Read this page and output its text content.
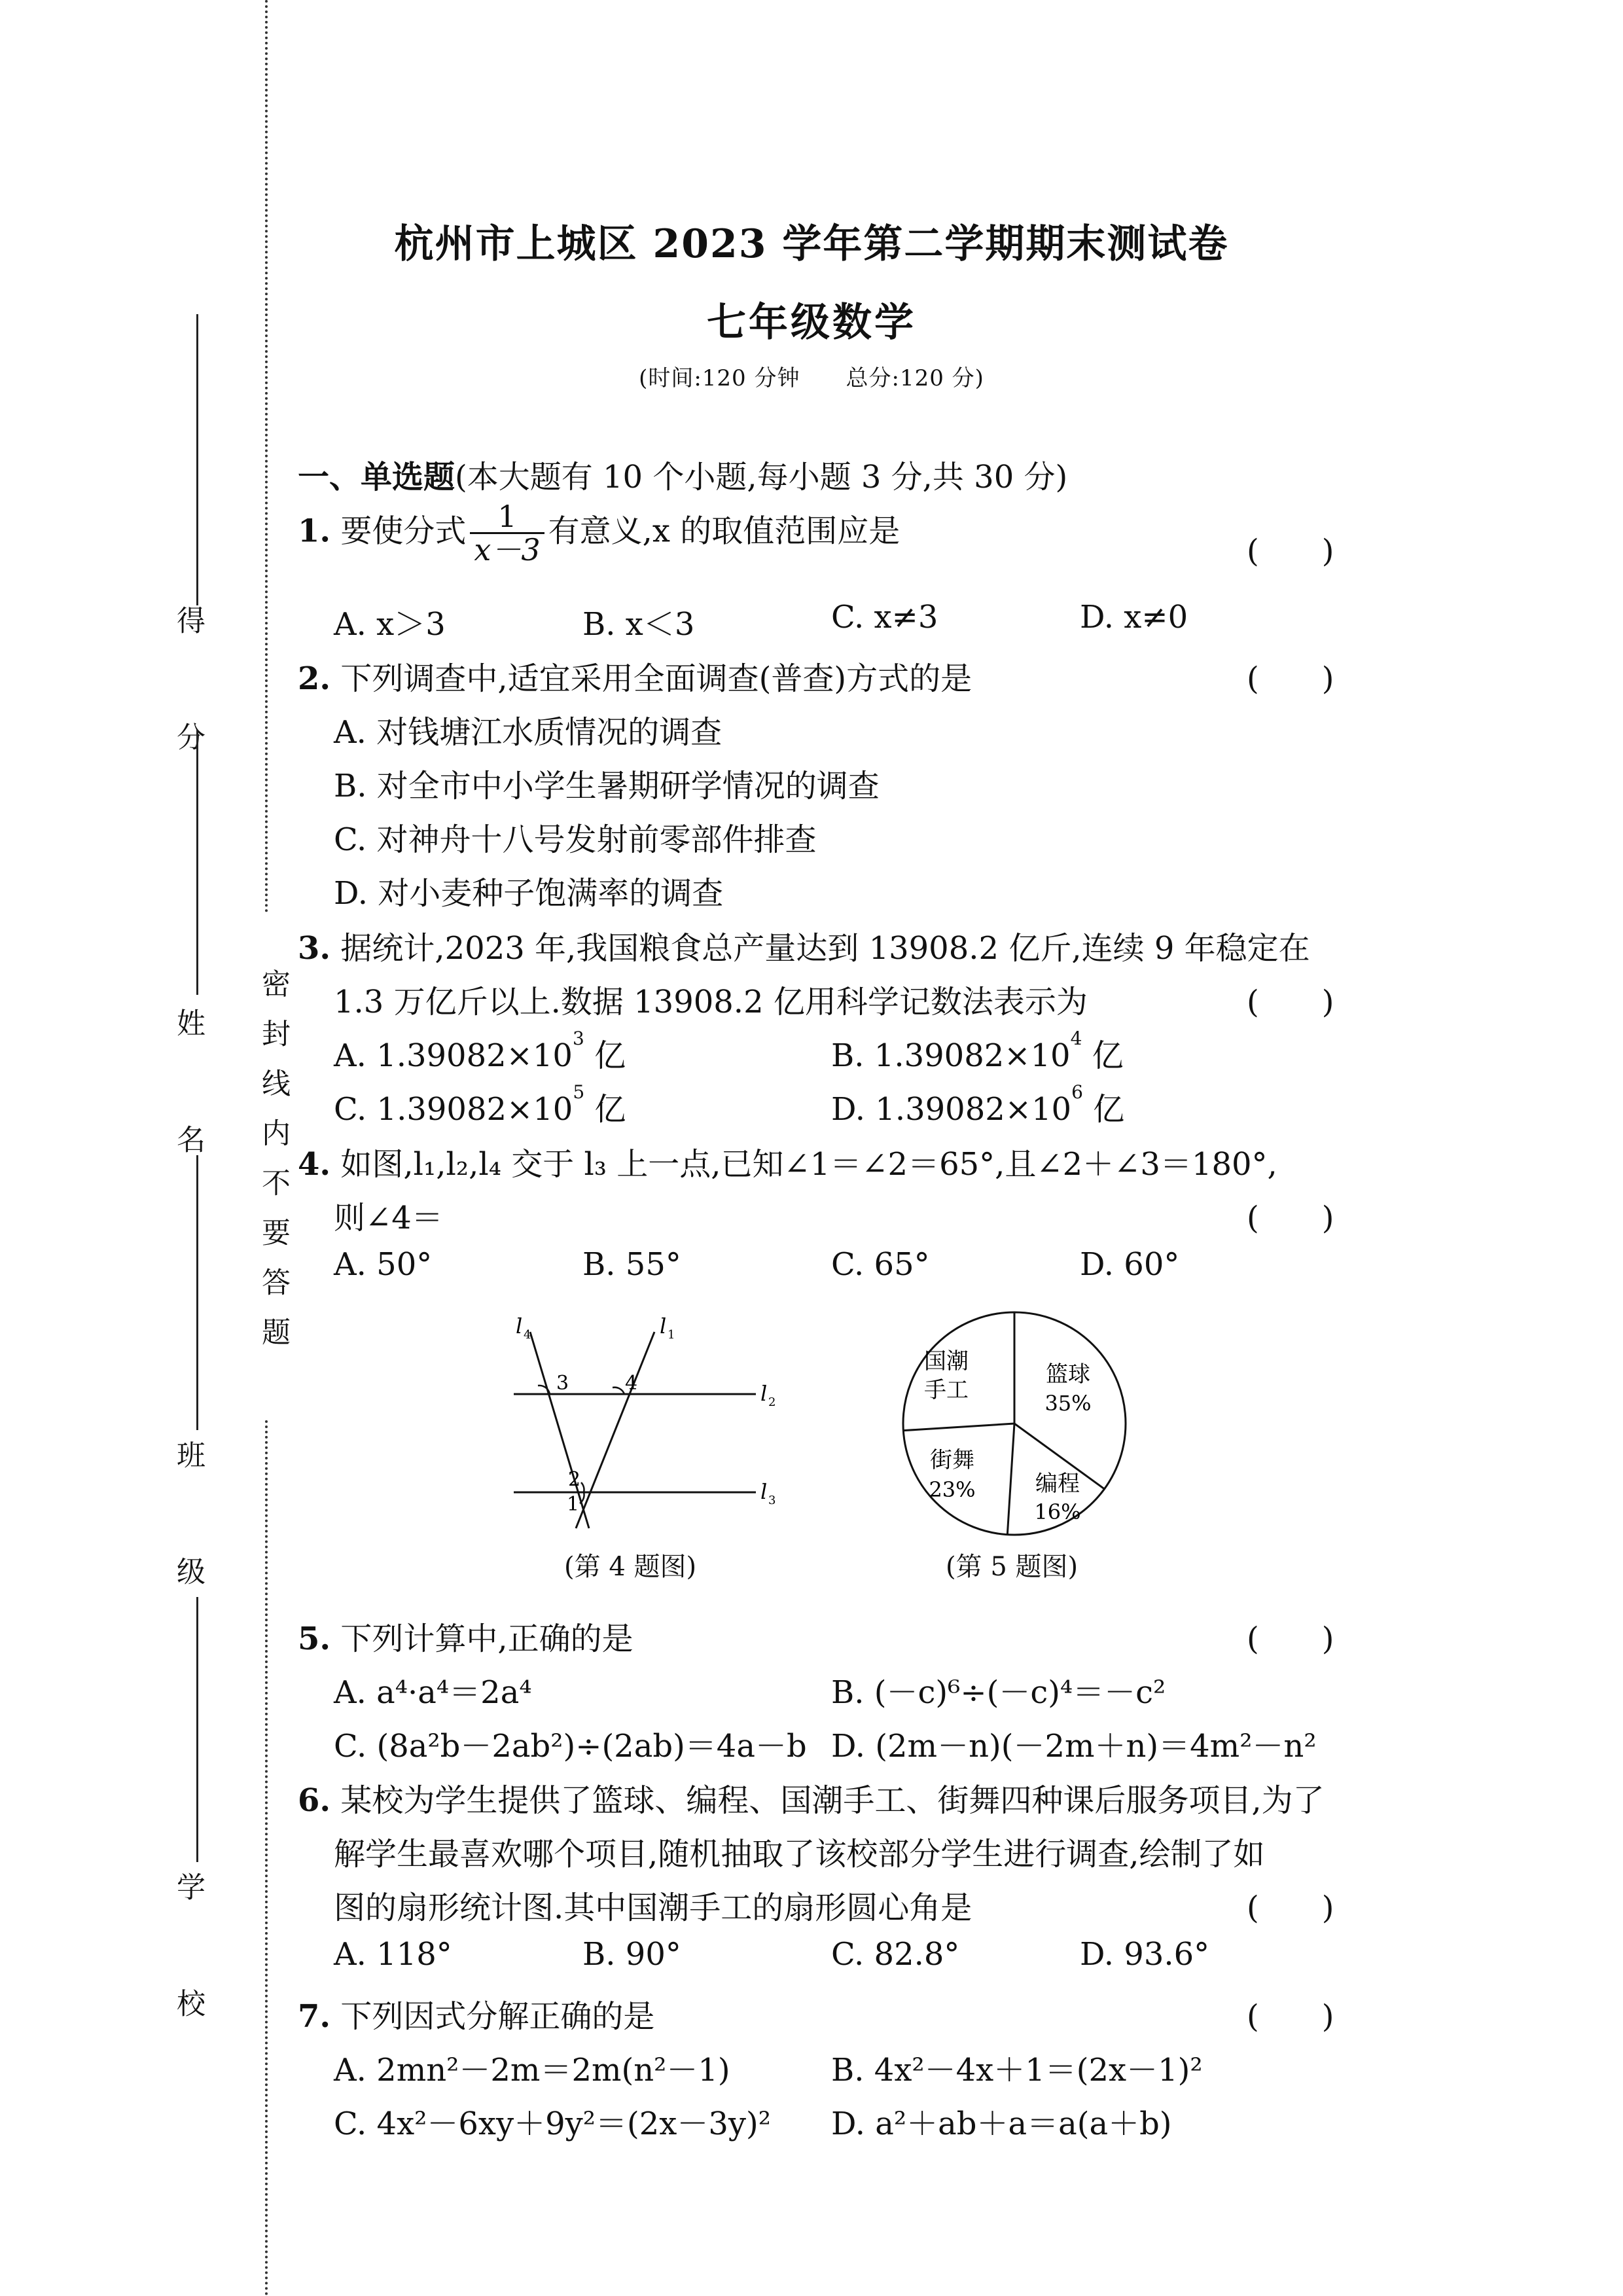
密封线内不要答题
得 分
姓 名
班 级
学 校
杭州市上城区 2023 学年第二学期期末测试卷
七年级数学
(时间:120 分钟　　总分:120 分)
一、单选题(本大题有 10 个小题,每小题 3 分,共 30 分)
1. 要使分式 $\frac{1}{x-3}$ 有意义,x 的取值范围应是
(　　)
A. x＞3	B. x＜3	C. x≠3	D. x≠0
2. 下列调查中,适宜采用全面调查(普查)方式的是	(　　)
A. 对钱塘江水质情况的调查
B. 对全市中小学生暑期研学情况的调查
C. 对神舟十八号发射前零部件排查
D. 对小麦种子饱满率的调查
3. 据统计,2023 年,我国粮食总产量达到 13908.2 亿斤,连续 9 年稳定在
1.3 万亿斤以上.数据 13908.2 亿用科学记数法表示为	(　　)
A. $1.39082\times 10^3$ 亿	B. $1.39082\times 10^4$ 亿
C. $1.39082\times 10^5$ 亿	D. $1.39082\times 10^6$ 亿
4. 如图,l₁,l₂,l₄ 交于 l₃ 上一点,已知∠1＝∠2＝65°,且∠2＋∠3＝180°,
则∠4＝	(　　)
A. 50°	B. 55°	C. 65°	D. 60°
l 4	l 1
l 2
l 3
3	4
2
1
(第 4 题图)
国潮
手工
篮球
35%
街舞
23%	编程
16%
(第 5 题图)
5. 下列计算中,正确的是	(　　)
A. a⁴·a⁴＝2a⁴	B. (－c)⁶÷(－c)⁴＝－c²
C. (8a²b－2ab²)÷(2ab)＝4a－b D. (2m－n)(－2m＋n)＝4m²－n²
6. 某校为学生提供了篮球、编程、国潮手工、街舞四种课后服务项目,为了
解学生最喜欢哪个项目,随机抽取了该校部分学生进行调查,绘制了如
图的扇形统计图.其中国潮手工的扇形圆心角是	(　　)
A. 118°	B. 90°	C. 82.8°	D. 93.6°
7. 下列因式分解正确的是	(　　)
A. 2mn²－2m＝2m(n²－1)	B. 4x²－4x＋1＝(2x－1)²
C. 4x²－6xy＋9y²＝(2x－3y)² D. a²＋ab＋a＝a(a＋b)
